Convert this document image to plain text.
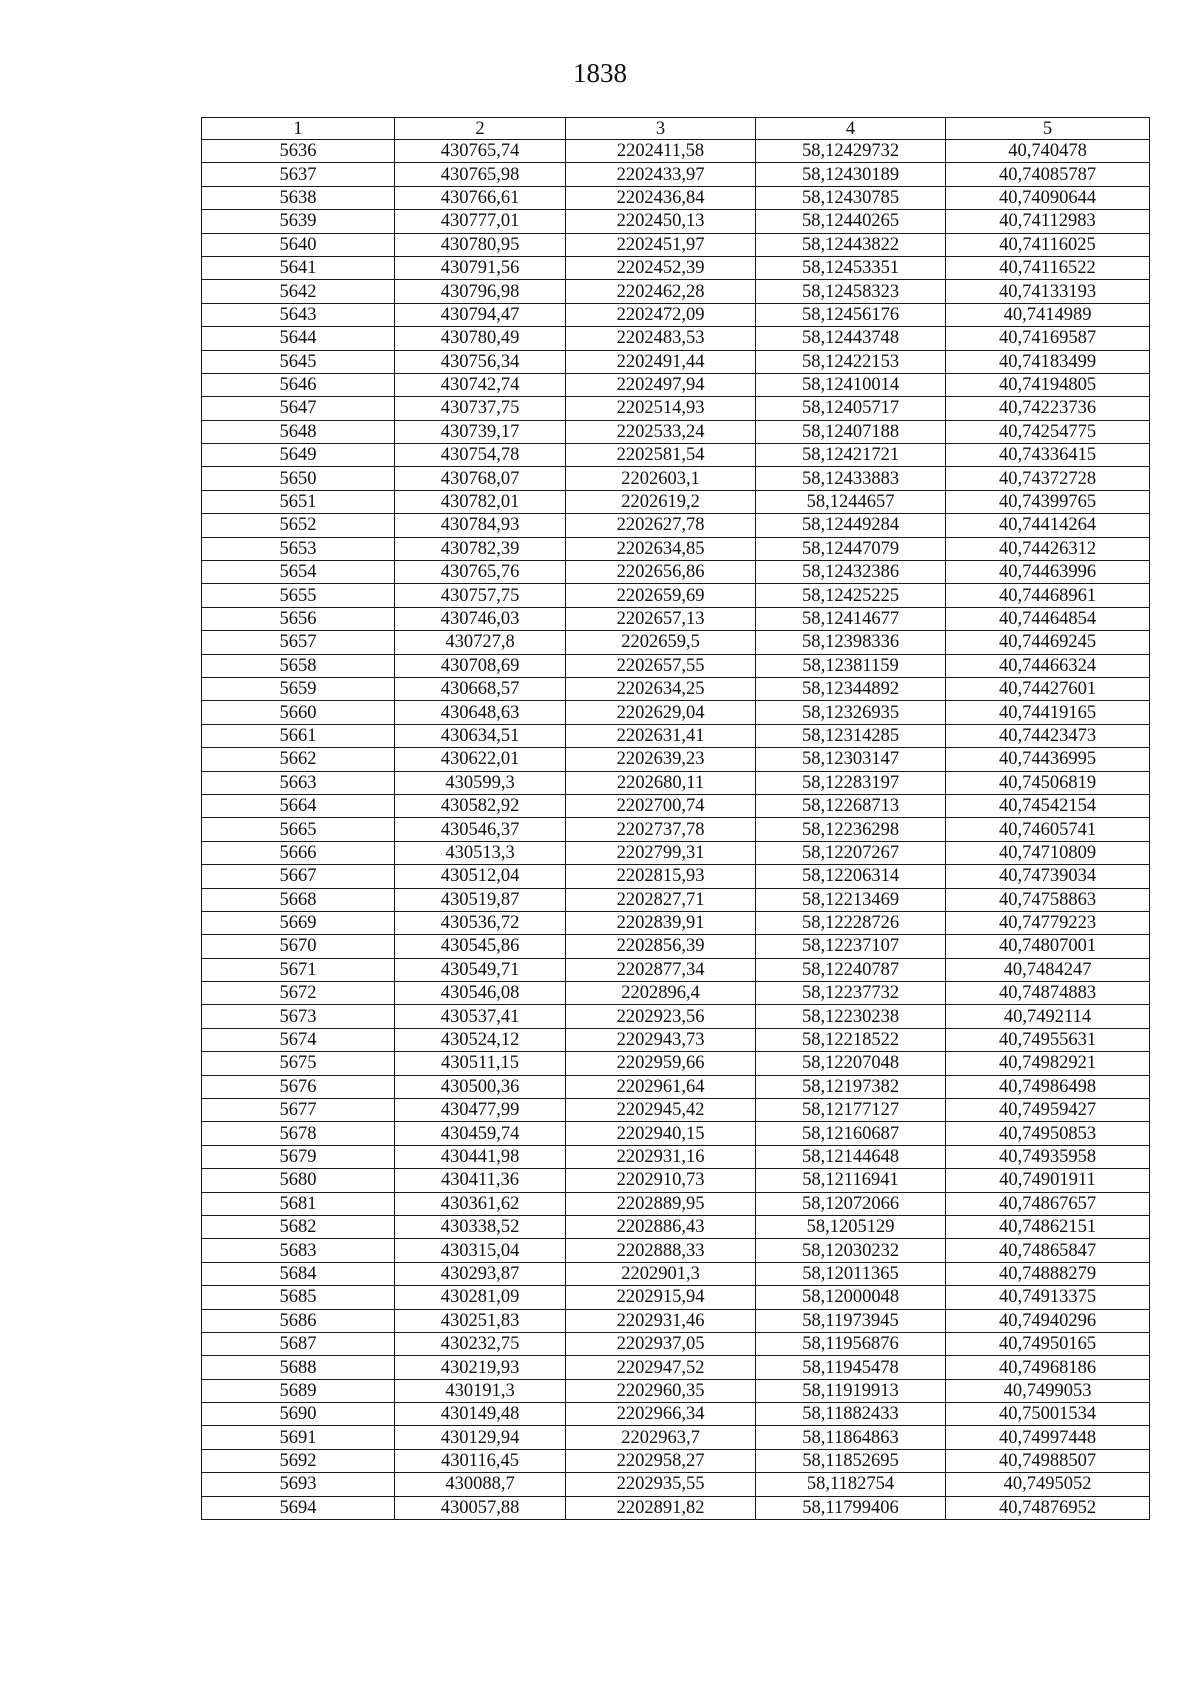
1838
1	2	3	4	5
5636	430765,74	2202411,58	58,12429732	40,740478
5637	430765,98	2202433,97	58,12430189	40,74085787
5638	430766,61	2202436,84	58,12430785	40,74090644
5639	430777,01	2202450,13	58,12440265	40,74112983
5640	430780,95	2202451,97	58,12443822	40,74116025
5641	430791,56	2202452,39	58,12453351	40,74116522
5642	430796,98	2202462,28	58,12458323	40,74133193
5643	430794,47	2202472,09	58,12456176	40,7414989
5644	430780,49	2202483,53	58,12443748	40,74169587
5645	430756,34	2202491,44	58,12422153	40,74183499
5646	430742,74	2202497,94	58,12410014	40,74194805
5647	430737,75	2202514,93	58,12405717	40,74223736
5648	430739,17	2202533,24	58,12407188	40,74254775
5649	430754,78	2202581,54	58,12421721	40,74336415
5650	430768,07	2202603,1	58,12433883	40,74372728
5651	430782,01	2202619,2	58,1244657	40,74399765
5652	430784,93	2202627,78	58,12449284	40,74414264
5653	430782,39	2202634,85	58,12447079	40,74426312
5654	430765,76	2202656,86	58,12432386	40,74463996
5655	430757,75	2202659,69	58,12425225	40,74468961
5656	430746,03	2202657,13	58,12414677	40,74464854
5657	430727,8	2202659,5	58,12398336	40,74469245
5658	430708,69	2202657,55	58,12381159	40,74466324
5659	430668,57	2202634,25	58,12344892	40,74427601
5660	430648,63	2202629,04	58,12326935	40,74419165
5661	430634,51	2202631,41	58,12314285	40,74423473
5662	430622,01	2202639,23	58,12303147	40,74436995
5663	430599,3	2202680,11	58,12283197	40,74506819
5664	430582,92	2202700,74	58,12268713	40,74542154
5665	430546,37	2202737,78	58,12236298	40,74605741
5666	430513,3	2202799,31	58,12207267	40,74710809
5667	430512,04	2202815,93	58,12206314	40,74739034
5668	430519,87	2202827,71	58,12213469	40,74758863
5669	430536,72	2202839,91	58,12228726	40,74779223
5670	430545,86	2202856,39	58,12237107	40,74807001
5671	430549,71	2202877,34	58,12240787	40,7484247
5672	430546,08	2202896,4	58,12237732	40,74874883
5673	430537,41	2202923,56	58,12230238	40,7492114
5674	430524,12	2202943,73	58,12218522	40,74955631
5675	430511,15	2202959,66	58,12207048	40,74982921
5676	430500,36	2202961,64	58,12197382	40,74986498
5677	430477,99	2202945,42	58,12177127	40,74959427
5678	430459,74	2202940,15	58,12160687	40,74950853
5679	430441,98	2202931,16	58,12144648	40,74935958
5680	430411,36	2202910,73	58,12116941	40,74901911
5681	430361,62	2202889,95	58,12072066	40,74867657
5682	430338,52	2202886,43	58,1205129	40,74862151
5683	430315,04	2202888,33	58,12030232	40,74865847
5684	430293,87	2202901,3	58,12011365	40,74888279
5685	430281,09	2202915,94	58,12000048	40,74913375
5686	430251,83	2202931,46	58,11973945	40,74940296
5687	430232,75	2202937,05	58,11956876	40,74950165
5688	430219,93	2202947,52	58,11945478	40,74968186
5689	430191,3	2202960,35	58,11919913	40,7499053
5690	430149,48	2202966,34	58,11882433	40,75001534
5691	430129,94	2202963,7	58,11864863	40,74997448
5692	430116,45	2202958,27	58,11852695	40,74988507
5693	430088,7	2202935,55	58,1182754	40,7495052
5694	430057,88	2202891,82	58,11799406	40,74876952
